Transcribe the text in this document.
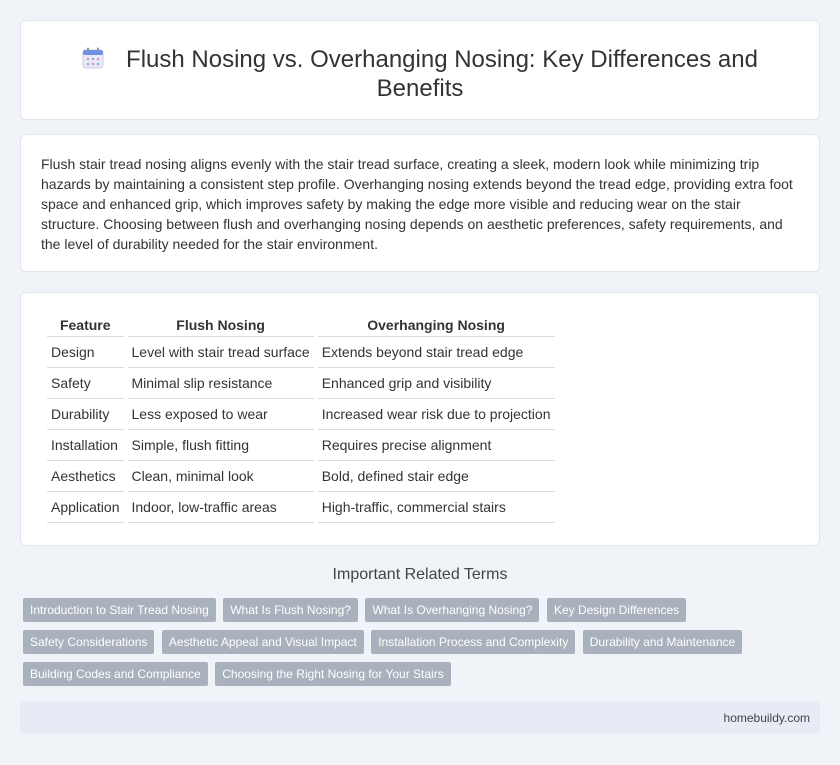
Flush Nosing vs. Overhanging Nosing: Key Differences and Benefits

Flush stair tread nosing aligns evenly with the stair tread surface, creating a sleek, modern look while minimizing trip hazards by maintaining a consistent step profile. Overhanging nosing extends beyond the tread edge, providing extra foot space and enhanced grip, which improves safety by making the edge more visible and reducing wear on the stair structure. Choosing between flush and overhanging nosing depends on aesthetic preferences, safety requirements, and the level of durability needed for the stair environment.

Feature	Flush Nosing	Overhanging Nosing
Design	Level with stair tread surface	Extends beyond stair tread edge
Safety	Minimal slip resistance	Enhanced grip and visibility
Durability	Less exposed to wear	Increased wear risk due to projection
Installation	Simple, flush fitting	Requires precise alignment
Aesthetics	Clean, minimal look	Bold, defined stair edge
Application	Indoor, low-traffic areas	High-traffic, commercial stairs
Important Related Terms
Introduction to Stair Tread Nosing What Is Flush Nosing? What Is Overhanging Nosing? Key Design Differences Safety Considerations Aesthetic Appeal and Visual Impact Installation Process and Complexity Durability and Maintenance Building Codes and Compliance Choosing the Right Nosing for Your Stairs
homebuildy.com
